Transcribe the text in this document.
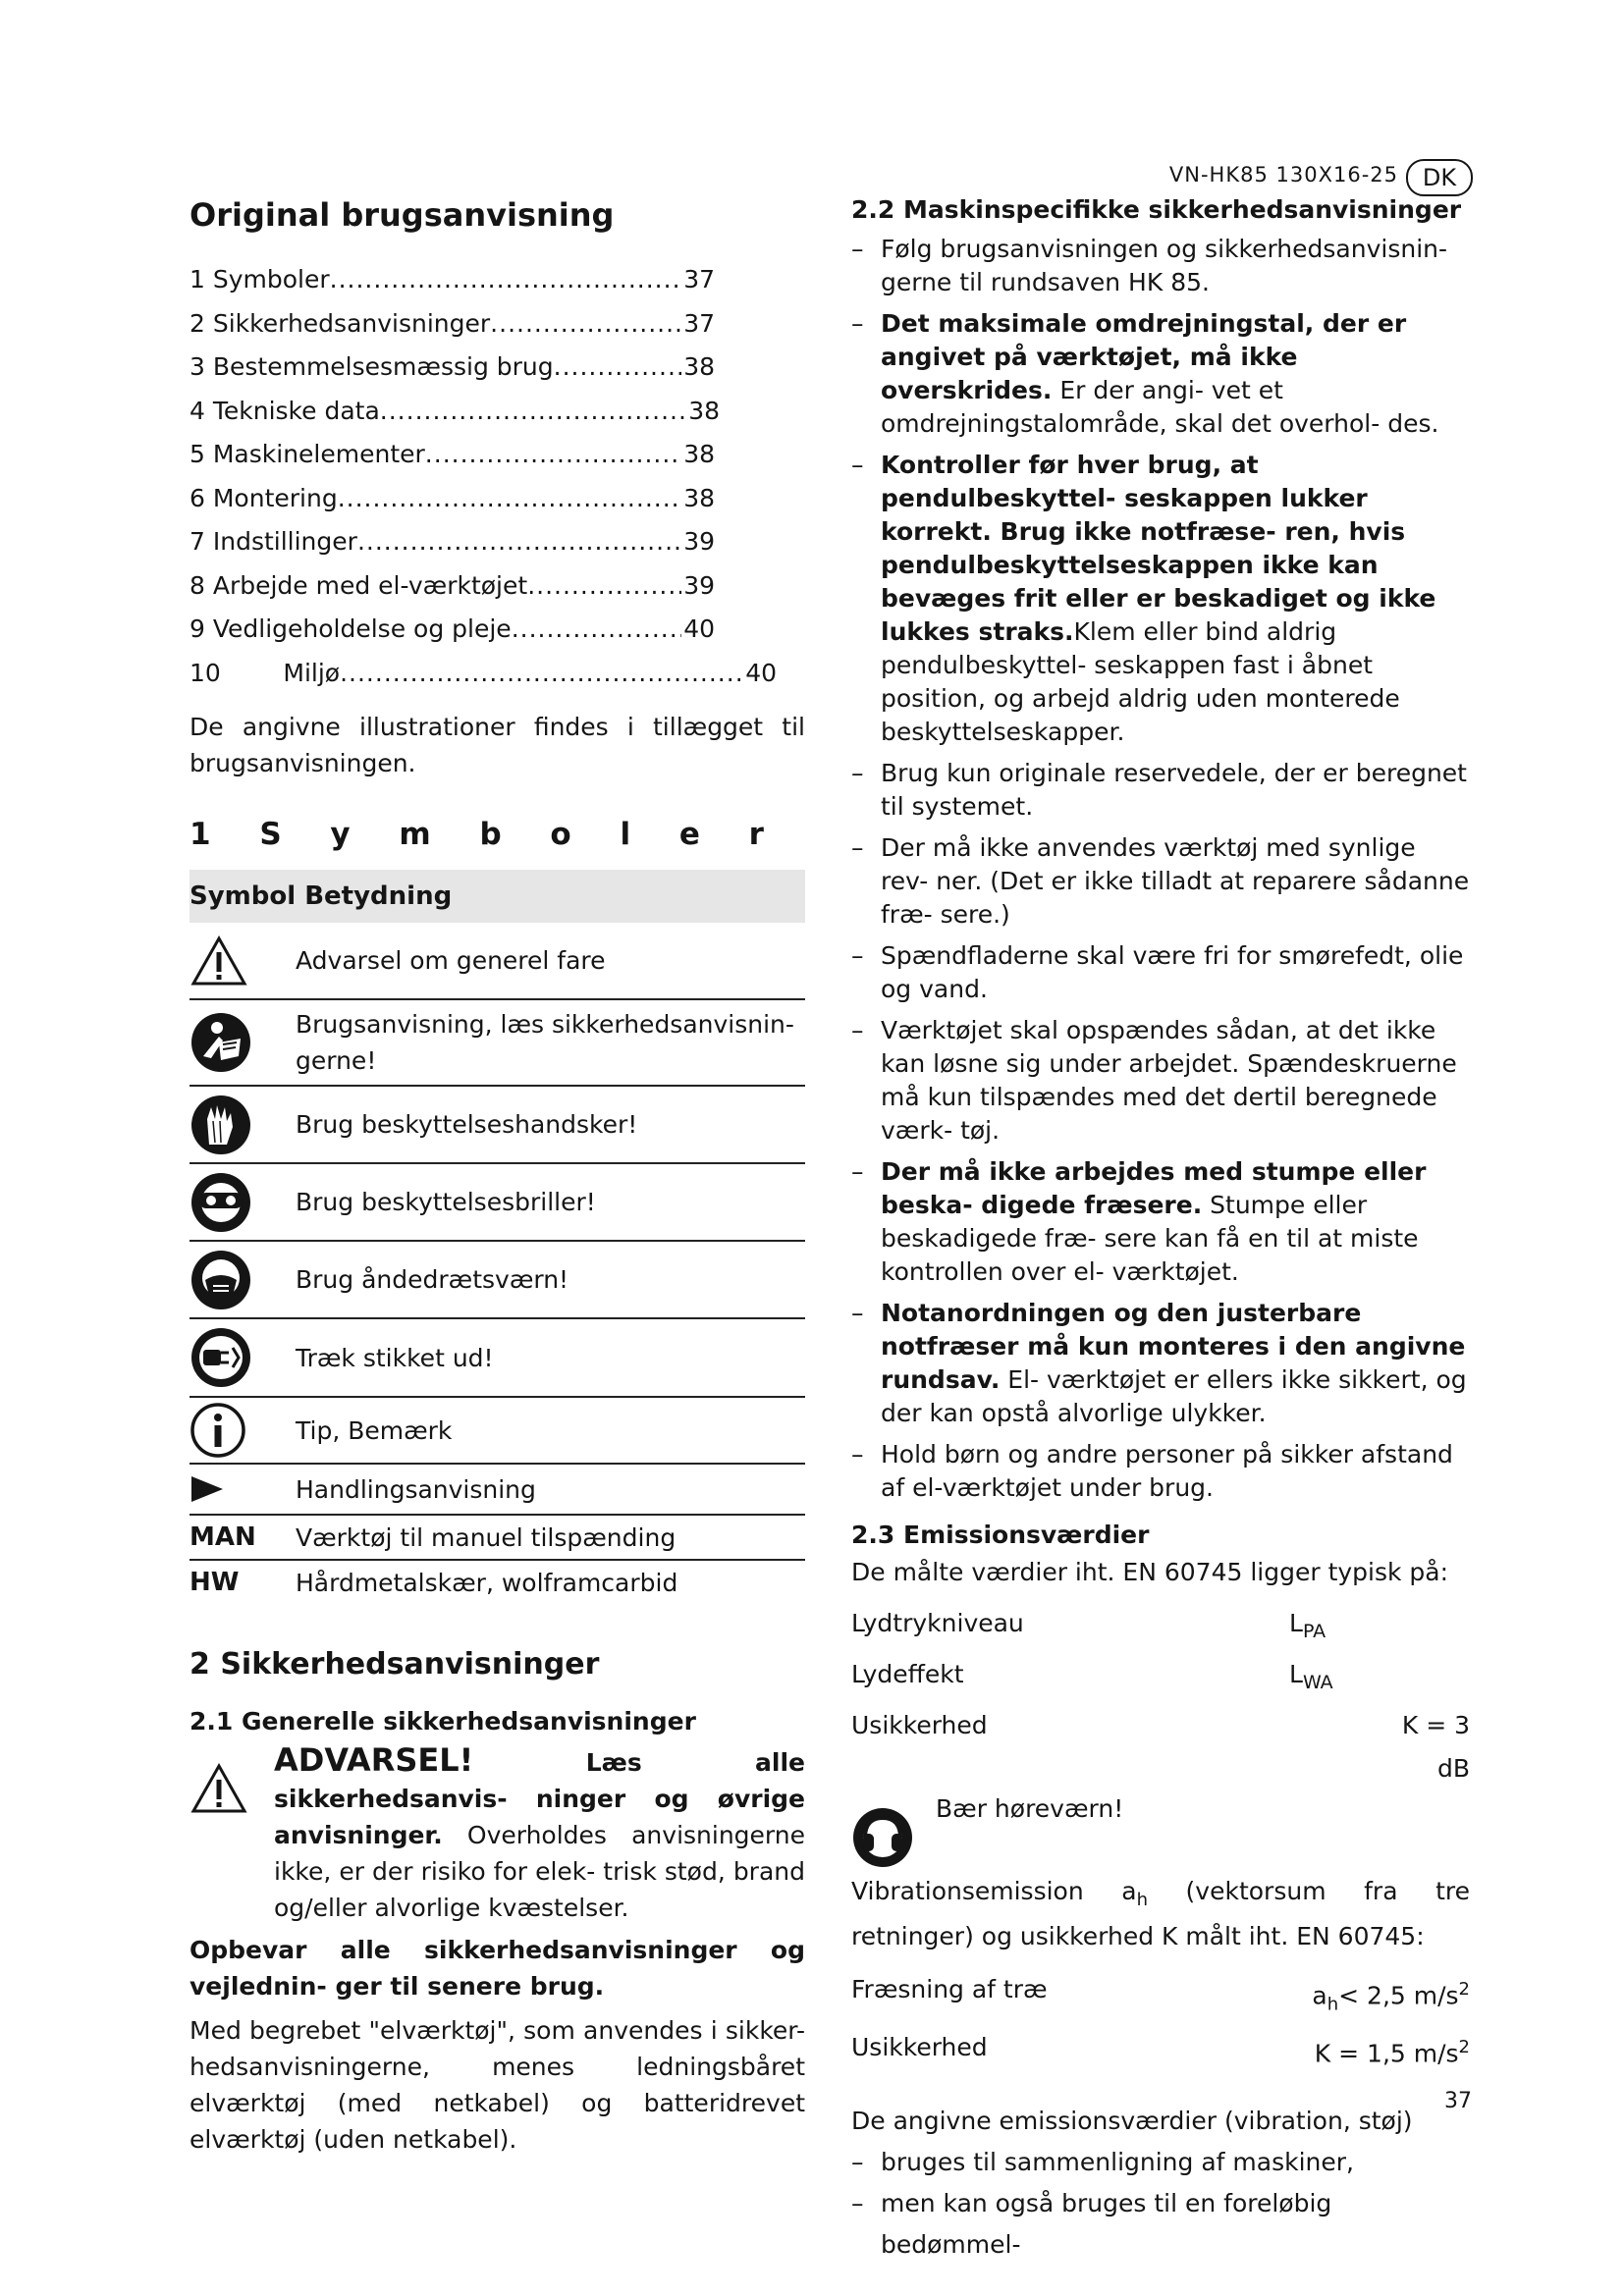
VN-HK85 130X16-25	DK
Original brugsanvisning
1 Symboler .....	37
2 Sikkerhedsanvisninger .....	37
3 Bestemmelsesmæssig brug .....	38
4 Tekniske data .....	38
5 Maskinelementer .....	38
6 Montering .....	38
7 Indstillinger .....	39
8 Arbejde med el-værktøjet .....	39
9 Vedligeholdelse og pleje .....	40
10        Miljø .....	40

De angivne illustrationer findes i tillægget til brugsanvisningen.

1 S y m b o l e r
Symbol Betydning
Advarsel om generel fare
Brugsanvisning, læs sikkerhedsanvisnin- gerne!
Brug beskyttelseshandsker!
Brug beskyttelsesbriller!
Brug åndedrætsværn!
Træk stikket ud!
Tip, Bemærk
Handlingsanvisning
MAN	Værktøj til manuel tilspænding
HW	Hårdmetalskær, wolframcarbid
2 Sikkerhedsanvisninger
2.1 Generelle sikkerhedsanvisninger

ADVARSEL!	Læs alle sikkerhedsanvis- ninger og øvrige anvisninger. Overholdes anvisningerne ikke, er der risiko for elek- trisk stød, brand og/eller alvorlige kvæstelser.

Opbevar alle sikkerhedsanvisninger og vejlednin- ger til senere brug.

Med begrebet "elværktøj", som anvendes i sikker- hedsanvisningerne, menes ledningsbåret elværktøj (med netkabel) og batteridrevet elværktøj (uden netkabel).

2.2 Maskinspecifikke sikkerhedsanvisninger

– Følg brugsanvisningen og sikkerhedsanvisnin- gerne til rundsaven HK 85.

– Det maksimale omdrejningstal, der er angivet på værktøjet, må ikke overskrides. Er der angi- vet et omdrejningstalområde, skal det overhol- des.

– Kontroller før hver brug, at pendulbeskyttel- seskappen lukker korrekt. Brug ikke notfræse- ren, hvis pendulbeskyttelseskappen ikke kan bevæges frit eller er beskadiget og ikke lukkes straks.Klem eller bind aldrig pendulbeskyttel- seskappen fast i åbnet position, og arbejd aldrig uden monterede beskyttelseskapper.

– Brug kun originale reservedele, der er beregnet til systemet.

– Der må ikke anvendes værktøj med synlige rev- ner. (Det er ikke tilladt at reparere sådanne fræ- sere.)

– Spændfladerne skal være fri for smørefedt, olie og vand.

– Værktøjet skal opspændes sådan, at det ikke kan løsne sig under arbejdet. Spændeskruerne må kun tilspændes med det dertil beregnede værk- tøj.

– Der må ikke arbejdes med stumpe eller beska- digede fræsere. Stumpe eller beskadigede fræ- sere kan få en til at miste kontrollen over el- værktøjet.

– Notanordningen og den justerbare notfræser må kun monteres i den angivne rundsav. El- værktøjet er ellers ikke sikkert, og der kan opstå alvorlige ulykker.

– Hold børn og andre personer på sikker afstand af el-værktøjet under brug.

2.3 Emissionsværdier

De målte værdier iht. EN 60745 ligger typisk på:

Lydtrykniveau	$L_{PA}$
Lydeffekt	$L_{WA}$
Usikkerhed	K = 3 dB
Bær høreværn!

Vibrationsemission $a_h$ (vektorsum fra tre retninger) og usikkerhed K målt iht. EN 60745:

Fræsning af træ	$a_h< 2,5$ $m/s^2$
Usikkerhed	K = 1,5 $m/s^2$

De angivne emissionsværdier (vibration, støj)

– bruges til sammenligning af maskiner,

– men kan også bruges til en foreløbig bedømmel-

37
